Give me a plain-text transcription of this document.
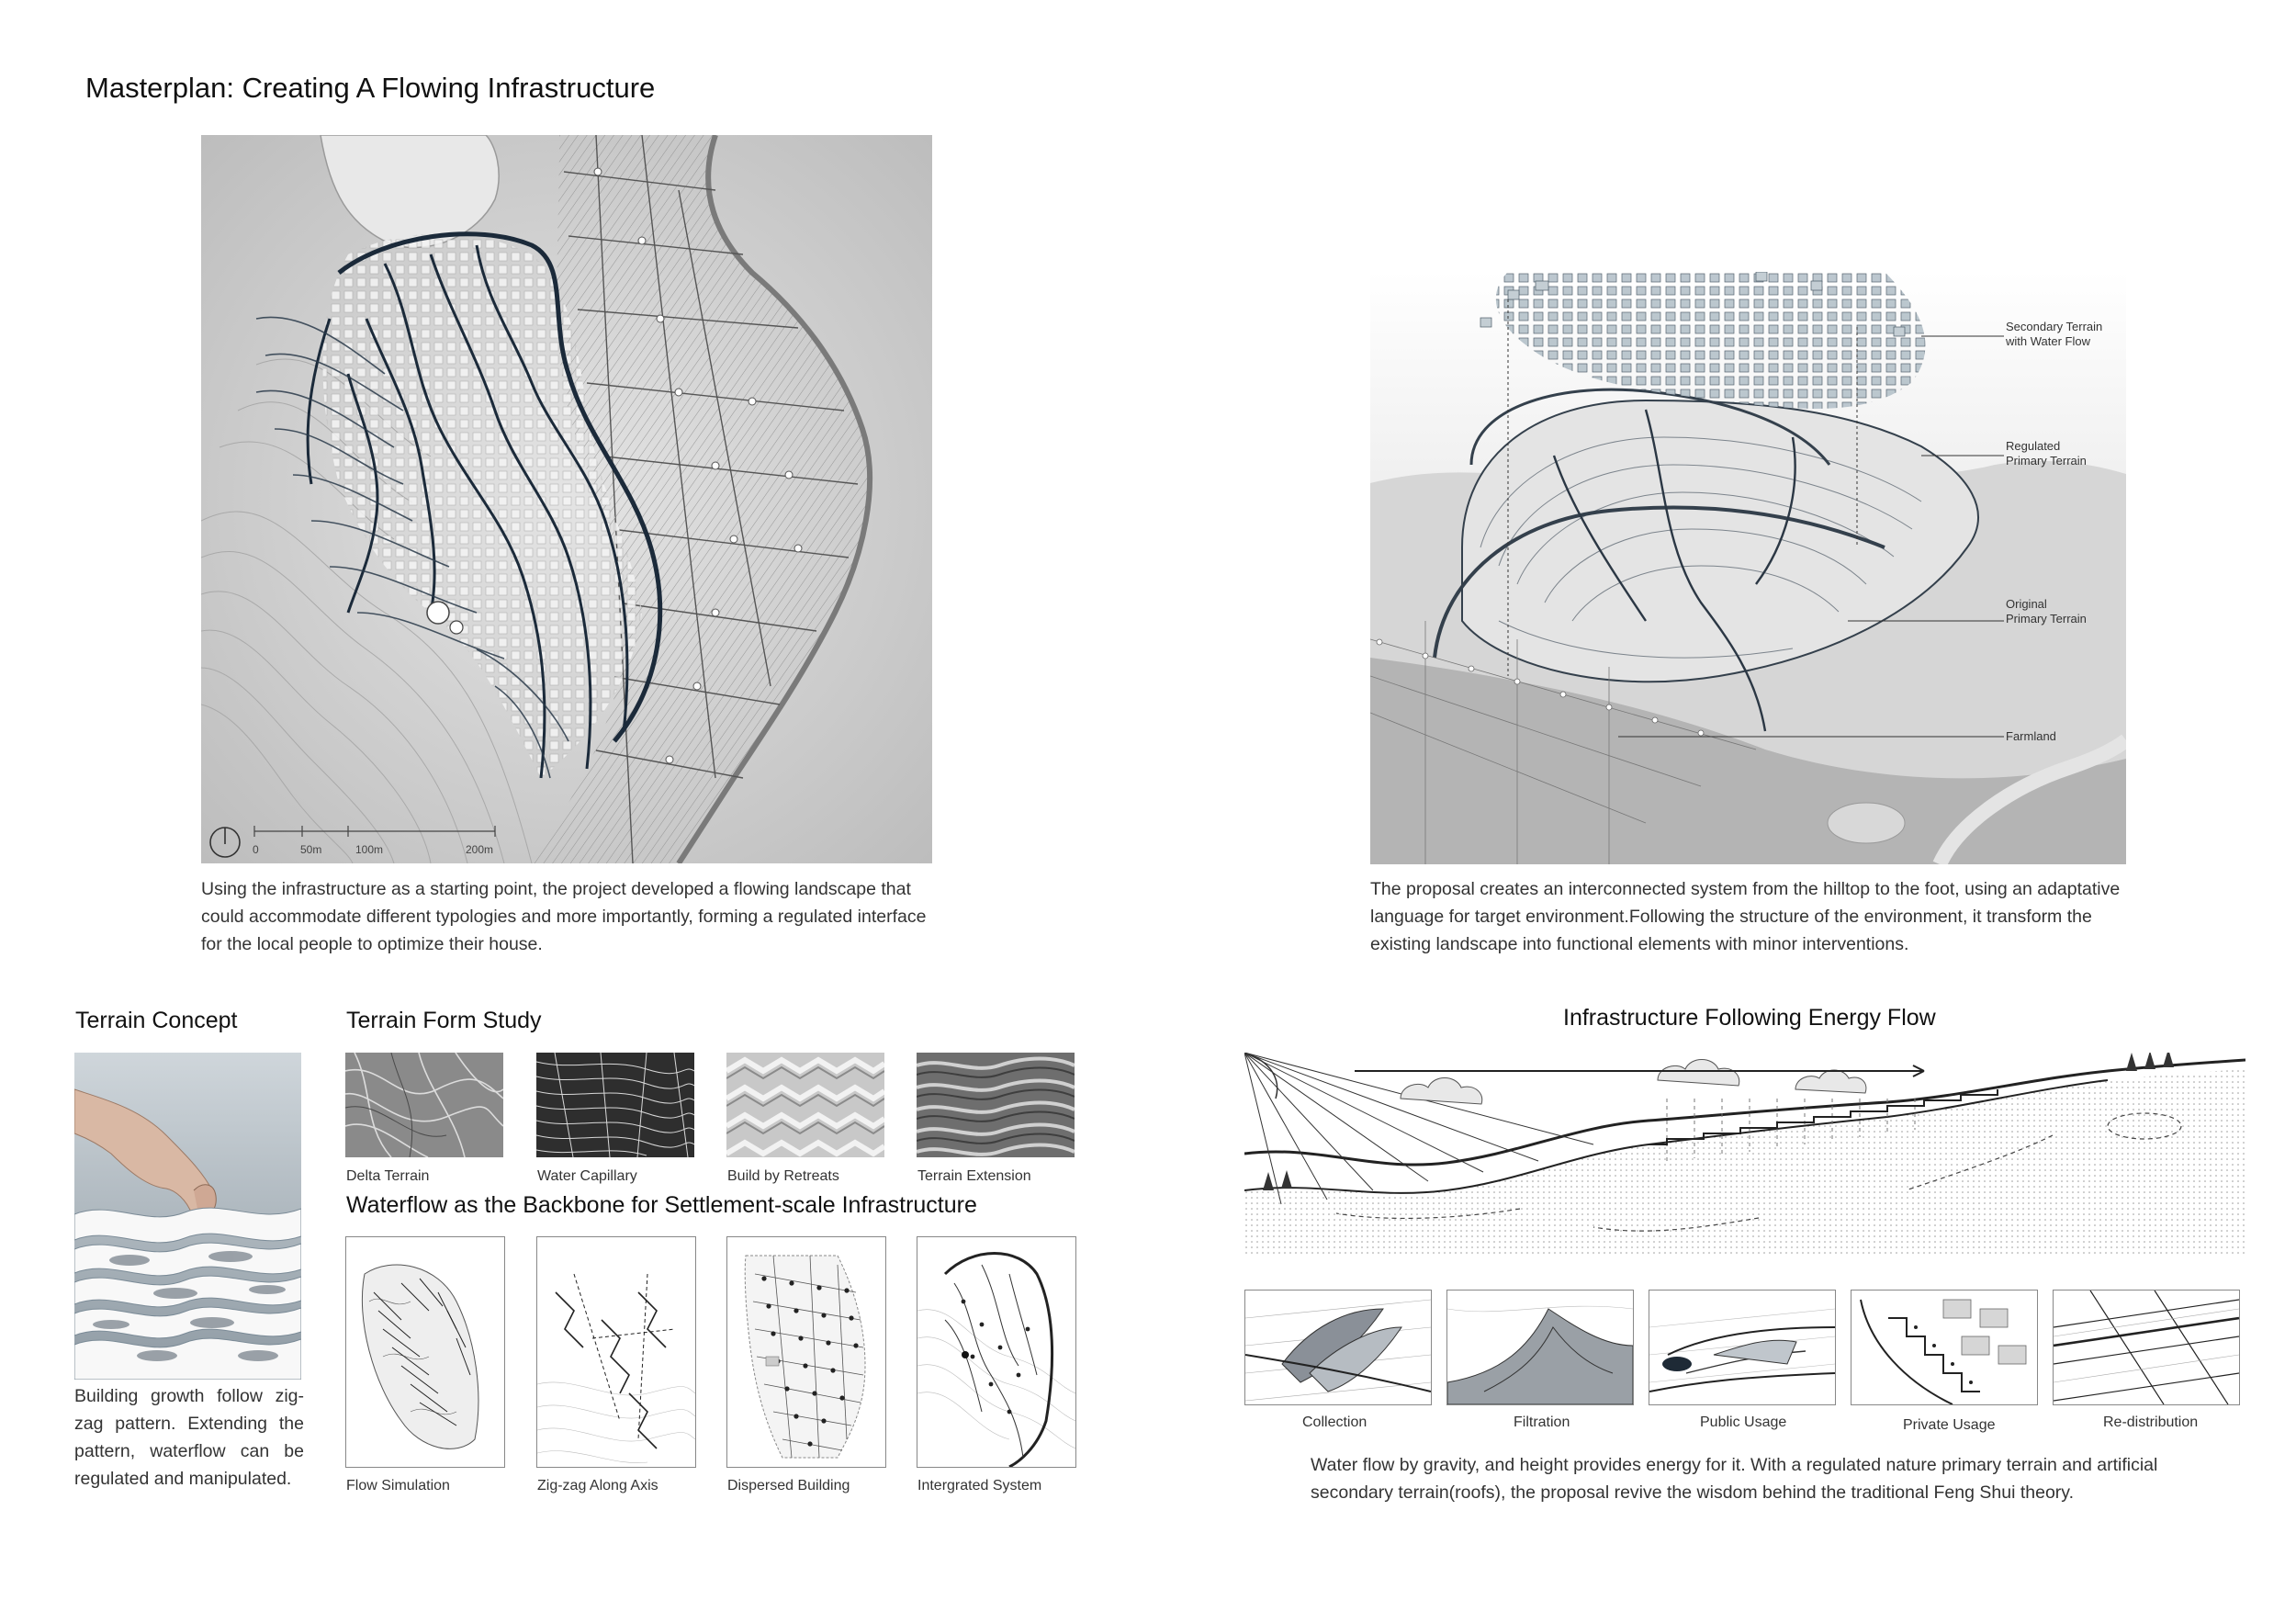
Masterplan: Creating A Flowing Infrastructure
0	50m	100m	200m

Using the infrastructure as a starting point, the project developed a flowing landscape that could accommodate different typologies and more importantly, forming a regulated interface for the local people to optimize their house.

Secondary Terrain
with Water Flow
Regulated
Primary Terrain
Original
Primary Terrain
Farmland

The proposal creates an interconnected system from the hilltop to the foot, using an adaptative language for target environment.Following the structure of the environment, it transform the existing landscape into functional elements with minor interventions.

Terrain Concept

Building growth follow zig-zag pattern. Extending the pattern, waterflow can be regulated and manipulated.

Terrain Form Study
Delta Terrain	Water Capillary	Build by Retreats	Terrain Extension
Waterflow as the Backbone for Settlement-scale Infrastructure
Flow Simulation	Zig-zag Along Axis	Dispersed Building	Intergrated System
Infrastructure Following Energy Flow
Collection	Filtration	Public Usage	Private Usage	Re-distribution

Water flow by gravity, and height provides energy for it. With a regulated nature primary terrain and artificial secondary terrain(roofs), the proposal revive the wisdom behind the traditional Feng Shui theory.
